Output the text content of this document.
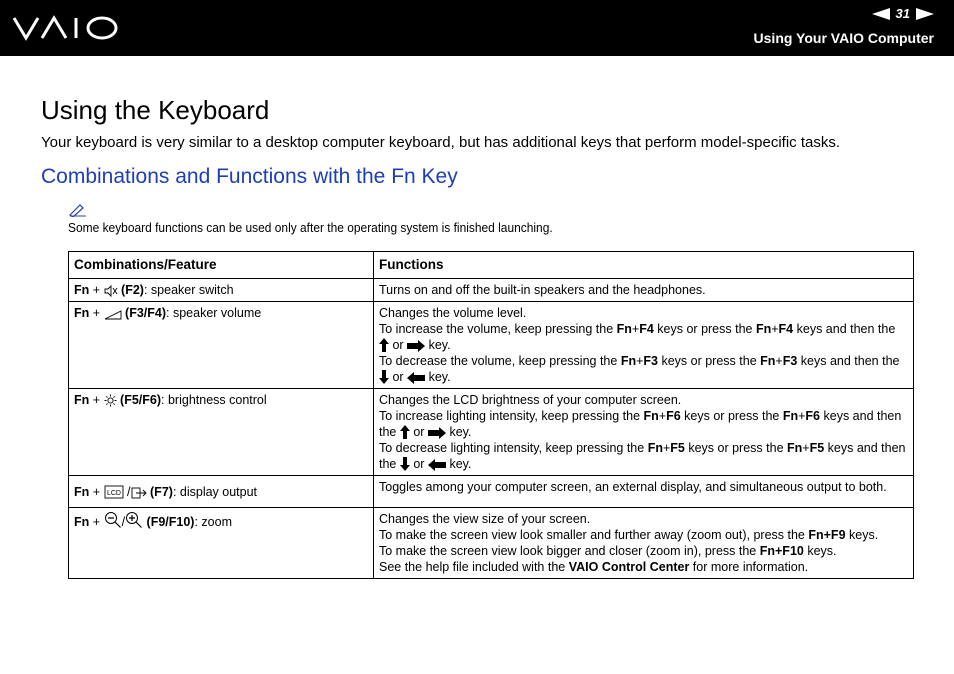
31
Using Your VAIO Computer
Using the Keyboard

Your keyboard is very similar to a desktop computer keyboard, but has additional keys that perform model-specific tasks.

Combinations and Functions with the Fn Key

Some keyboard functions can be used only after the operating system is finished launching.

Combinations/Feature	Functions
Fn + (F2): speaker switch	Turns on and off the built-in speakers and the headphones.

Fn + (F3/F4): speaker volume	Changes the volume level.
To increase the volume, keep pressing the Fn+F4 keys or press the Fn+F4 keys and then the
or key.
To decrease the volume, keep pressing the Fn+F3 keys or press the Fn+F3 keys and then the
or key.

Fn + (F5/F6): brightness control	Changes the LCD brightness of your computer screen.
To increase lighting intensity, keep pressing the Fn+F6 keys or press the Fn+F6 keys and then
the or key.
To decrease lighting intensity, keep pressing the Fn+F5 keys or press the Fn+F5 keys and then
the or key.

Fn + LCD / (F7): display output	Toggles among your computer screen, an external display, and simultaneous output to both.

Fn + / (F9/F10): zoom	Changes the view size of your screen.
To make the screen view look smaller and further away (zoom out), press the Fn+F9 keys.
To make the screen view look bigger and closer (zoom in), press the Fn+F10 keys.
See the help file included with the VAIO Control Center for more information.
